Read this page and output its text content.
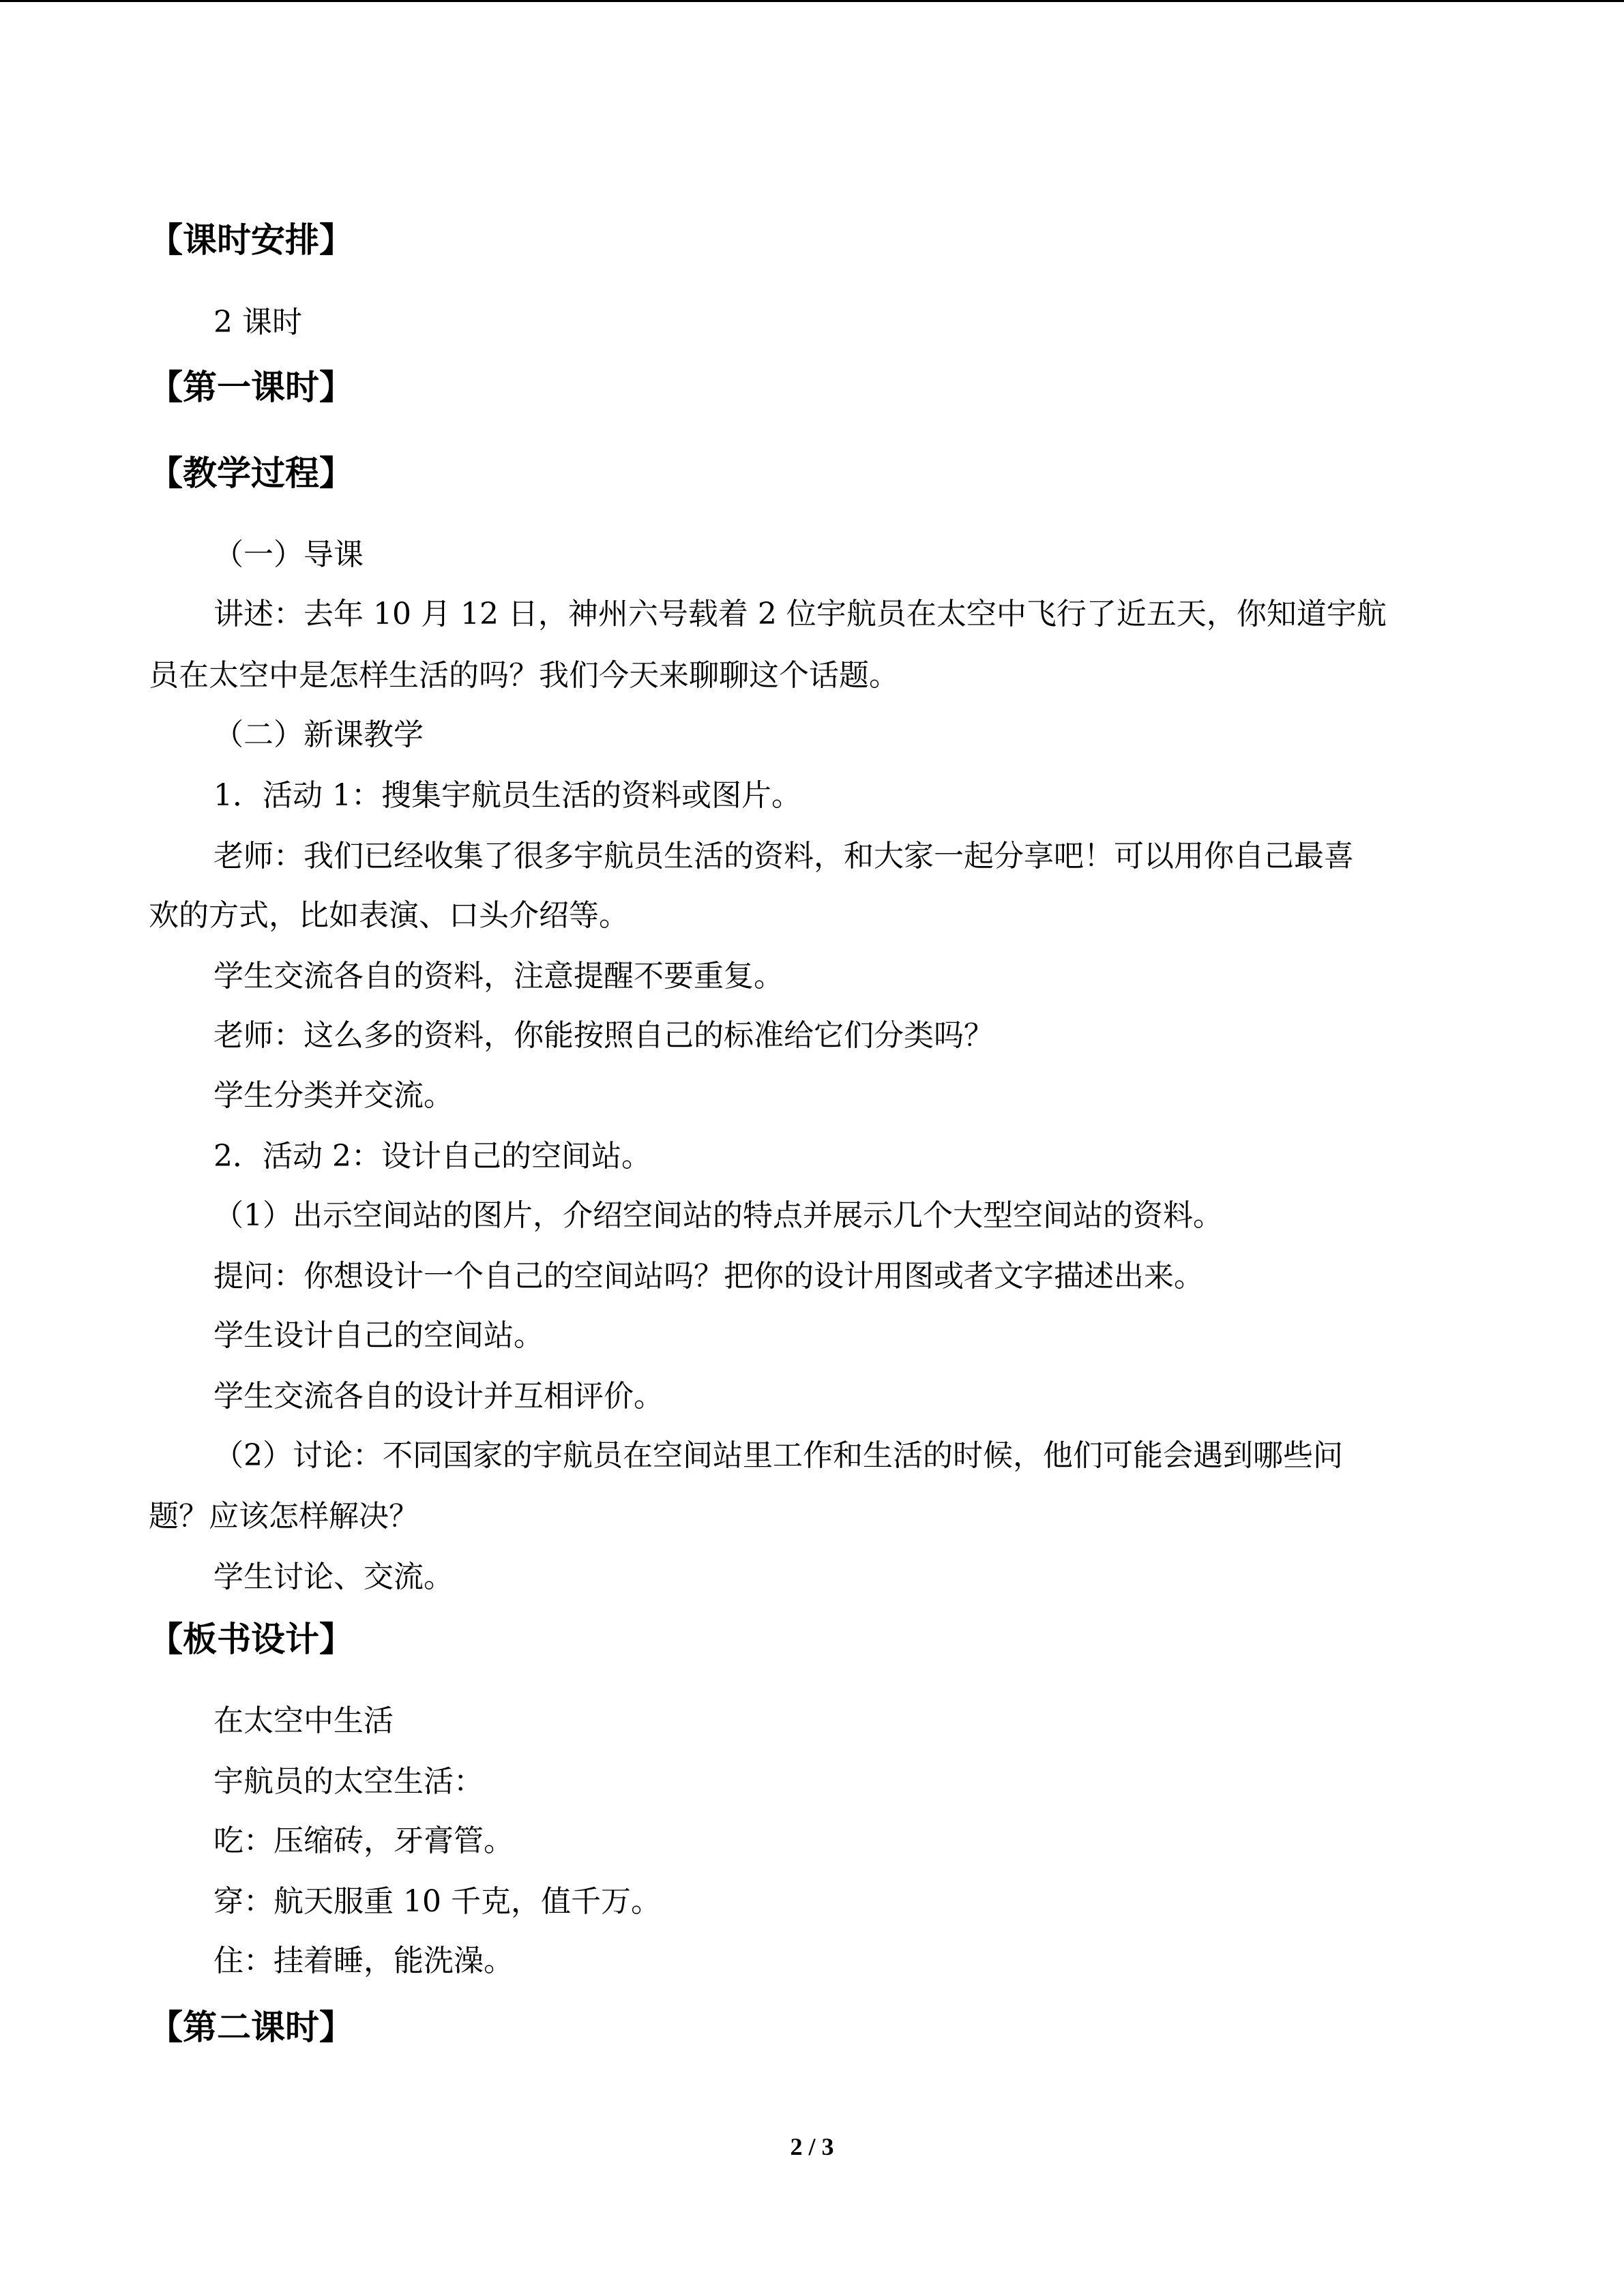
【课时安排】
2 课时
【第一课时】
【教学过程】
（一）导课
讲述：去年 10 月 12 日，神州六号载着 2 位宇航员在太空中飞行了近五天，你知道宇航
员在太空中是怎样生活的吗？我们今天来聊聊这个话题。
（二）新课教学
1．活动 1：搜集宇航员生活的资料或图片。
老师：我们已经收集了很多宇航员生活的资料，和大家一起分享吧！可以用你自己最喜
欢的方式，比如表演、口头介绍等。
学生交流各自的资料，注意提醒不要重复。
老师：这么多的资料，你能按照自己的标准给它们分类吗？
学生分类并交流。
2．活动 2：设计自己的空间站。
（1）出示空间站的图片，介绍空间站的特点并展示几个大型空间站的资料。
提问：你想设计一个自己的空间站吗？把你的设计用图或者文字描述出来。
学生设计自己的空间站。
学生交流各自的设计并互相评价。
（2）讨论：不同国家的宇航员在空间站里工作和生活的时候，他们可能会遇到哪些问
题？应该怎样解决？
学生讨论、交流。
【板书设计】
在太空中生活
宇航员的太空生活：
吃：压缩砖，牙膏管。
穿：航天服重 10 千克，值千万。
住：挂着睡，能洗澡。
【第二课时】
2 / 3
